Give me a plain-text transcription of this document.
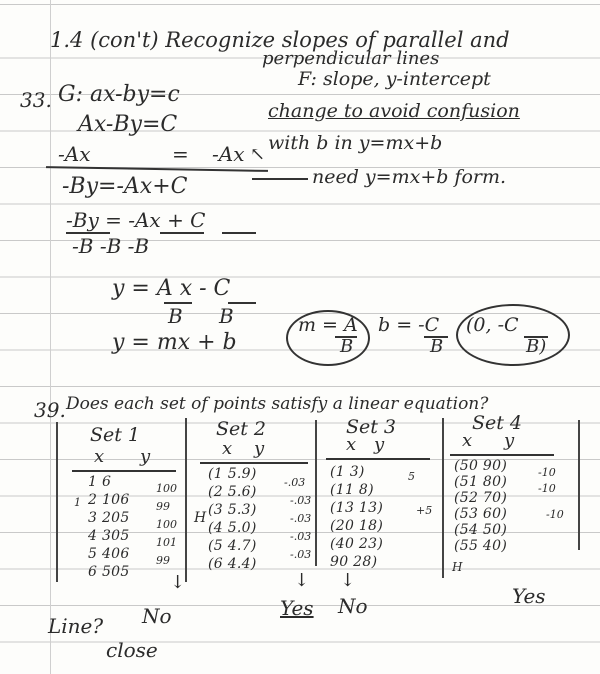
1.4 (con't) Recognize slopes of parallel and
perpendicular lines
33. G: ax-by=c
Ax-By=C
-Ax	= -Ax
-By=-Ax+C
-By = -Ax + C
-B -B -B
y = A x - C
B B
y = mx + b
m = A
B
b = -C
B
(0, -C
B)
F: slope, y-intercept
change to avoid confusion
with b in y=mx+b
↖
need y=mx+b form.
39. Does each set of points satisfy a linear equation?
Set 1
x y
1 6
2 106
3 205
4 305
5 406
6 505
100
99
100
101
99
1
↓
Set 2
x y
(1 5.9)
(2 5.6)
(3 5.3)
(4 5.0)
(5 4.7)
(6 4.4)
-.03
-.03
-.03
-.03
-.03
H
↓
Set 3
x y
(1 3)
(11 8)
(13 13)
(20 18)
(40 23)
90 28)
5
+5
↓
Set 4
x y
(50 90)
(51 80)
(52 70)
(53 60)
(54 50)
(55 40)
-10
-10
-10
H
Line? No	Yes No	Yes
close
